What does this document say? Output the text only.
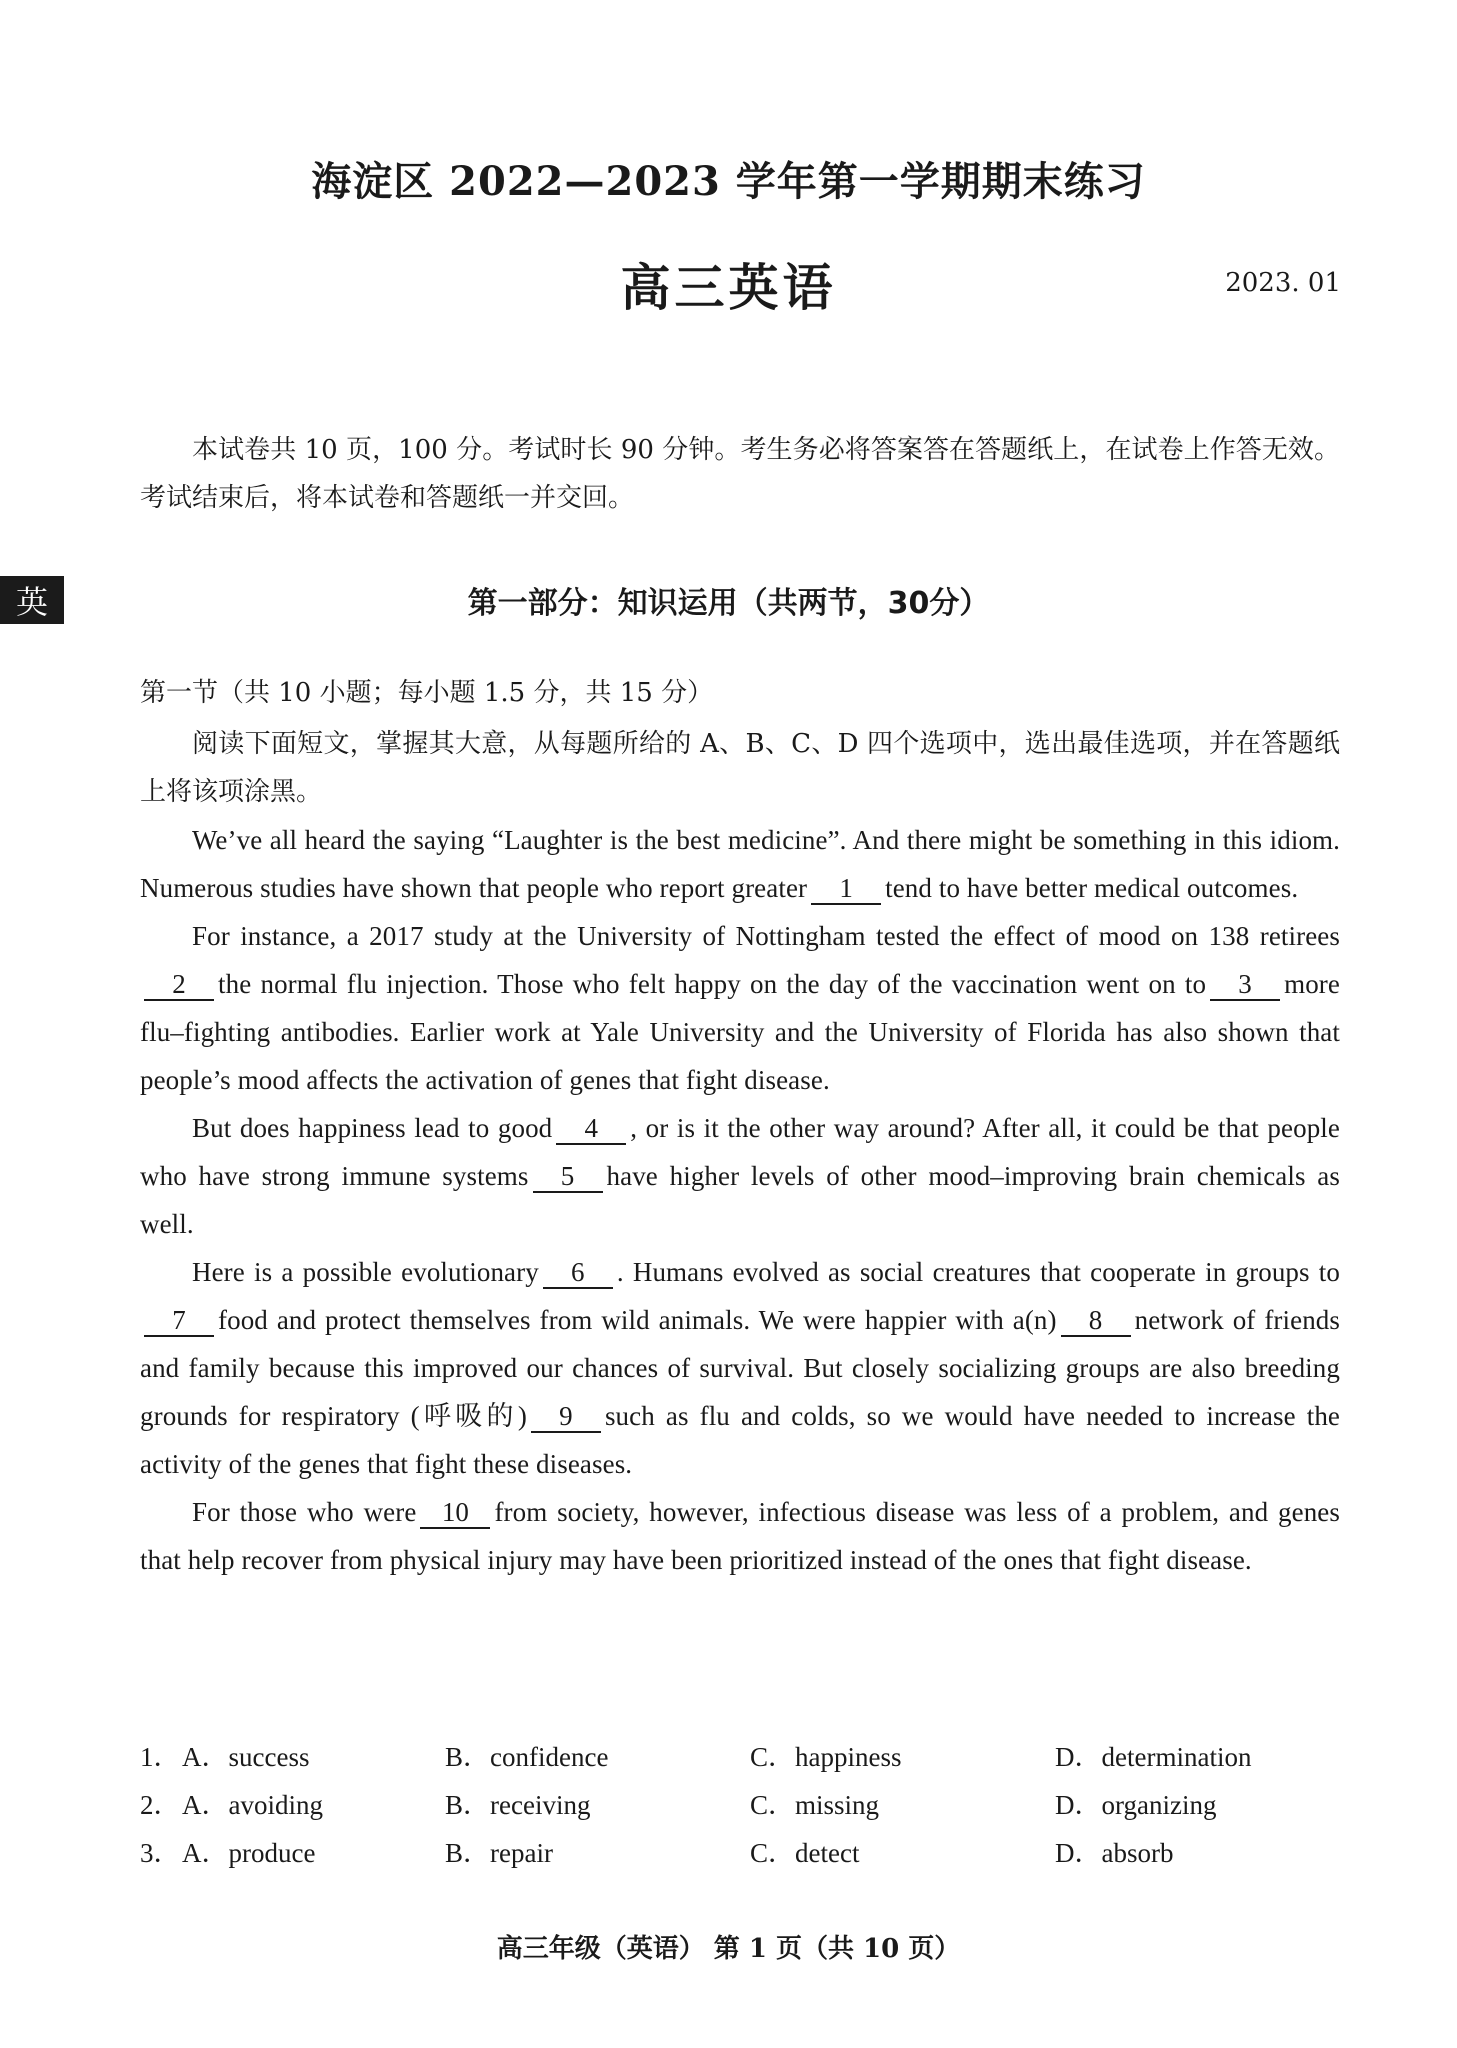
海淀区 2022—2023 学年第一学期期末练习
高三英语	2023. 01
英

本试卷共 10 页，100 分。考试时长 90 分钟。考生务必将答案答在答题纸上，在试卷上作答无效。考试结束后，将本试卷和答题纸一并交回。

第一部分：知识运用（共两节，30分）
第一节（共 10 小题；每小题 1.5 分，共 15 分）

阅读下面短文，掌握其大意，从每题所给的 A、B、C、D 四个选项中，选出最佳选项，并在答题纸上将该项涂黑。

We’ve all heard the saying “Laughter is the best medicine”. And there might be something in this idiom. Numerous studies have shown that people who report greater 1 tend to have better medical outcomes.

For instance, a 2017 study at the University of Nottingham tested the effect of mood on 138 retirees2 the normal flu injection. Those who felt happy on the day of the vaccination went on to 3 more flu–fighting antibodies. Earlier work at Yale University and the University of Florida has also shown that people’s mood affects the activation of genes that fight disease.

But does happiness lead to good 4 , or is it the other way around? After all, it could be that people who have strong immune systems 5 have higher levels of other mood–improving brain chemicals as well.

Here is a possible evolutionary 6 . Humans evolved as social creatures that cooperate in groups to7 food and protect themselves from wild animals. We were happier with a(n) 8 network of friends and family because this improved our chances of survival. But closely socializing groups are also breeding grounds for respiratory (呼吸的) 9 such as flu and colds, so we would have needed to increase the activity of the genes that fight these diseases.

For those who were 10 from society, however, infectious disease was less of a problem, and genes that help recover from physical injury may have been prioritized instead of the ones that fight disease.

1． A．success	B．confidence	C．happiness	D．determination
2． A．avoiding	B．receiving	C．missing	D．organizing
3． A．produce	B．repair	C．detect	D．absorb
高三年级（英语） 第 1 页（共 10 页）
